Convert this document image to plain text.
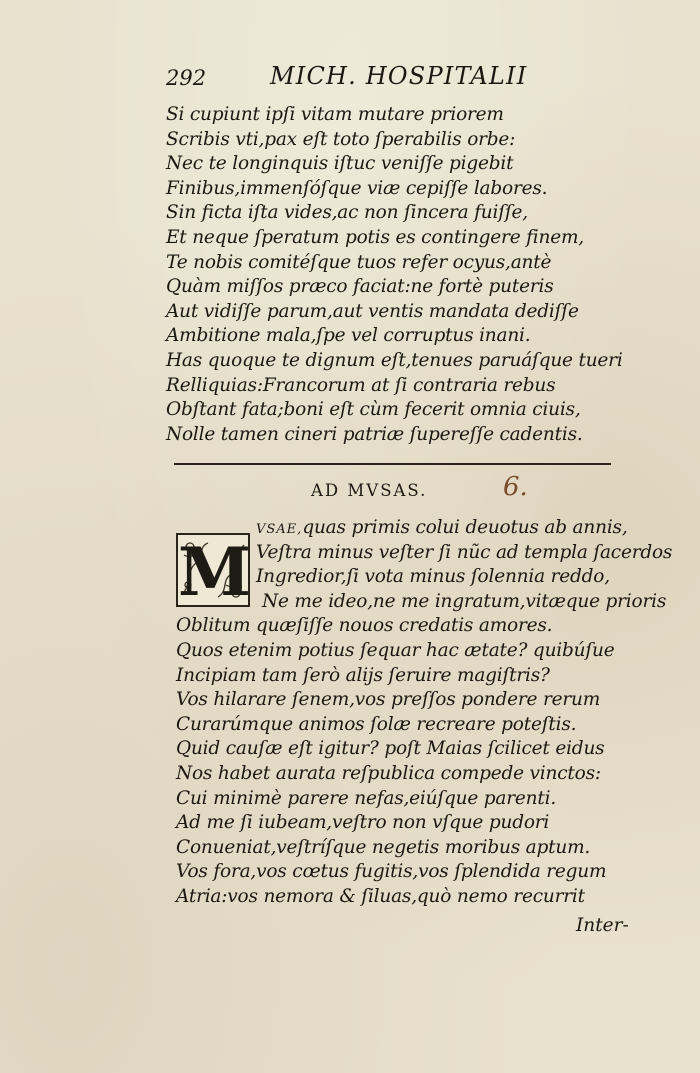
292	MICH. HOSPITALII
Si cupiunt ipſi vitam mutare priorem
Scribis vti,pax eſt toto ſperabilis orbe:
Nec te longinquis iſtuc veniſſe pigebit
Finibus,immenſóſque viæ cepiſſe labores.
Sin ficta iſta vides,ac non ſincera fuiſſe,
Et neque ſperatum potis es contingere finem,
Te nobis comitéſque tuos refer ocyus,antè
Quàm miſſos præco faciat:ne fortè puteris
Aut vidiſſe parum,aut ventis mandata dediſſe
Ambitione mala,ſpe vel corruptus inani.
Has quoque te dignum eſt,tenues paruáſque tueri
Relliquias:Francorum at ſi contraria rebus
Obſtant fata;boni eſt cùm fecerit omnia ciuis,
Nolle tamen cineri patriæ ſupereſſe cadentis.
AD MVSAS.	6.
M
VSAE,quas primis colui deuotus ab annis,
Veſtra minus veſter ſi nũc ad templa ſacerdos
Ingredior,ſi vota minus ſolennia reddo,
Ne me ideo,ne me ingratum,vitæque prioris
Oblitum quæſiſſe nouos credatis amores.
Quos etenim potius ſequar hac ætate? quibúſue
Incipiam tam ſerò alijs ſeruire magiſtris?
Vos hilarare ſenem,vos preſſos pondere rerum
Curarúmque animos ſolæ recreare poteſtis.
Quid cauſæ eſt igitur? poſt Maias ſcilicet eidus
Nos habet aurata reſpublica compede vinctos:
Cui minimè parere nefas,eiúſque parenti.
Ad me ſi iubeam,veſtro non vſque pudori
Conueniat,veſtríſque negetis moribus aptum.
Vos fora,vos cœtus fugitis,vos ſplendida regum
Atria:vos nemora & ſiluas,quò nemo recurrit
Inter-
